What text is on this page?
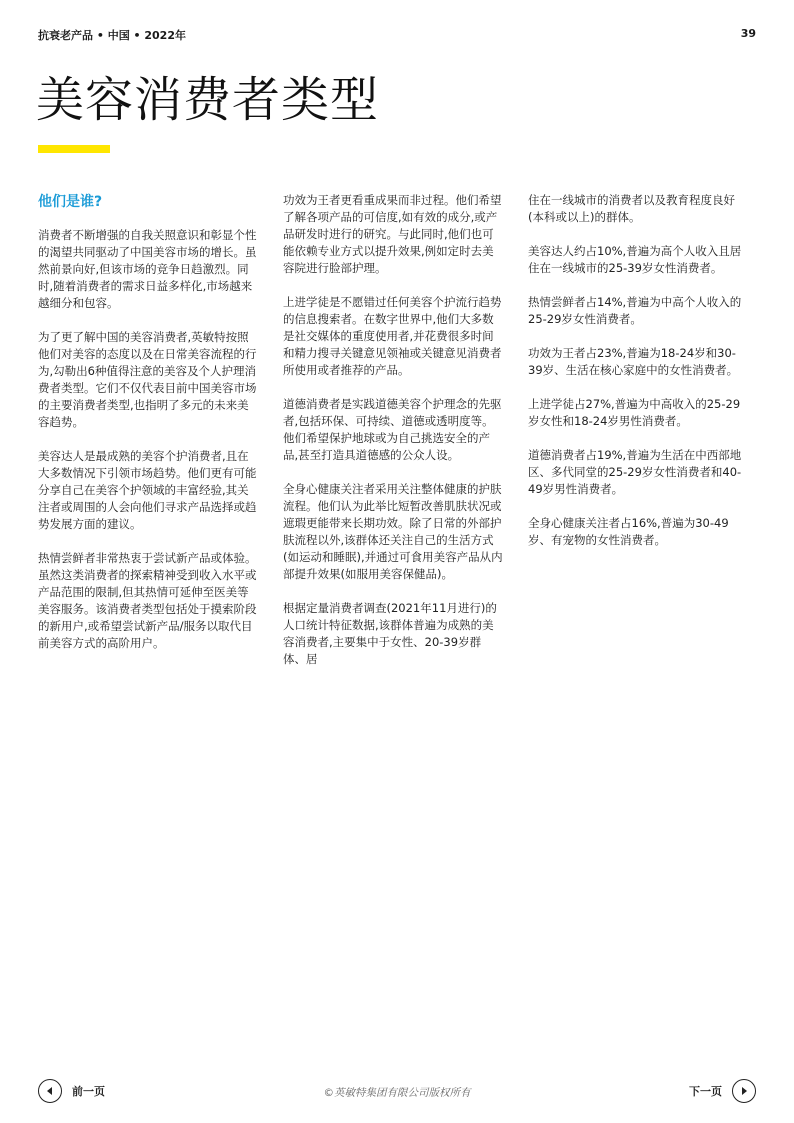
抗衰老产品 • 中国 • 2022年	39
美容消费者类型
他们是谁?

消费者不断增强的自我关照意识和彰显个性的渴望共同驱动了中国美容市场的增长。虽然前景向好,但该市场的竞争日趋激烈。同时,随着消费者的需求日益多样化,市场越来越细分和包容。

为了更了解中国的美容消费者,英敏特按照他们对美容的态度以及在日常美容流程的行为,勾勒出6种值得注意的美容及个人护理消费者类型。它们不仅代表目前中国美容市场的主要消费者类型,也指明了多元的未来美容趋势。

美容达人是最成熟的美容个护消费者,且在大多数情况下引领市场趋势。他们更有可能分享自己在美容个护领域的丰富经验,其关注者或周围的人会向他们寻求产品选择或趋势发展方面的建议。

热情尝鲜者非常热衷于尝试新产品或体验。虽然这类消费者的探索精神受到收入水平或产品范围的限制,但其热情可延伸至医美等美容服务。该消费者类型包括处于摸索阶段的新用户,或希望尝试新产品/服务以取代目前美容方式的高阶用户。

功效为王者更看重成果而非过程。他们希望了解各项产品的可信度,如有效的成分,或产品研发时进行的研究。与此同时,他们也可能依赖专业方式以提升效果,例如定时去美容院进行脸部护理。

上进学徒是不愿错过任何美容个护流行趋势的信息搜索者。在数字世界中,他们大多数是社交媒体的重度使用者,并花费很多时间和精力搜寻关键意见领袖或关键意见消费者所使用或者推荐的产品。

道德消费者是实践道德美容个护理念的先驱者,包括环保、可持续、道德或透明度等。他们希望保护地球或为自己挑选安全的产品,甚至打造具道德感的公众人设。

全身心健康关注者采用关注整体健康的护肤流程。他们认为此举比短暂改善肌肤状况或遮瑕更能带来长期功效。除了日常的外部护肤流程以外,该群体还关注自己的生活方式(如运动和睡眠),并通过可食用美容产品从内部提升效果(如服用美容保健品)。

根据定量消费者调查(2021年11月进行)的人口统计特征数据,该群体普遍为成熟的美容消费者,主要集中于女性、20-39岁群体、居

住在一线城市的消费者以及教育程度良好(本科或以上)的群体。

美容达人约占10%,普遍为高个人收入且居住在一线城市的25-39岁女性消费者。

热情尝鲜者占14%,普遍为中高个人收入的25-29岁女性消费者。

功效为王者占23%,普遍为18-24岁和30-39岁、生活在核心家庭中的女性消费者。

上进学徒占27%,普遍为中高收入的25-29岁女性和18-24岁男性消费者。

道德消费者占19%,普遍为生活在中西部地区、多代同堂的25-29岁女性消费者和40-49岁男性消费者。

全身心健康关注者占16%,普遍为30-49岁、有宠物的女性消费者。

前一页	©英敏特集团有限公司版权所有	下一页
